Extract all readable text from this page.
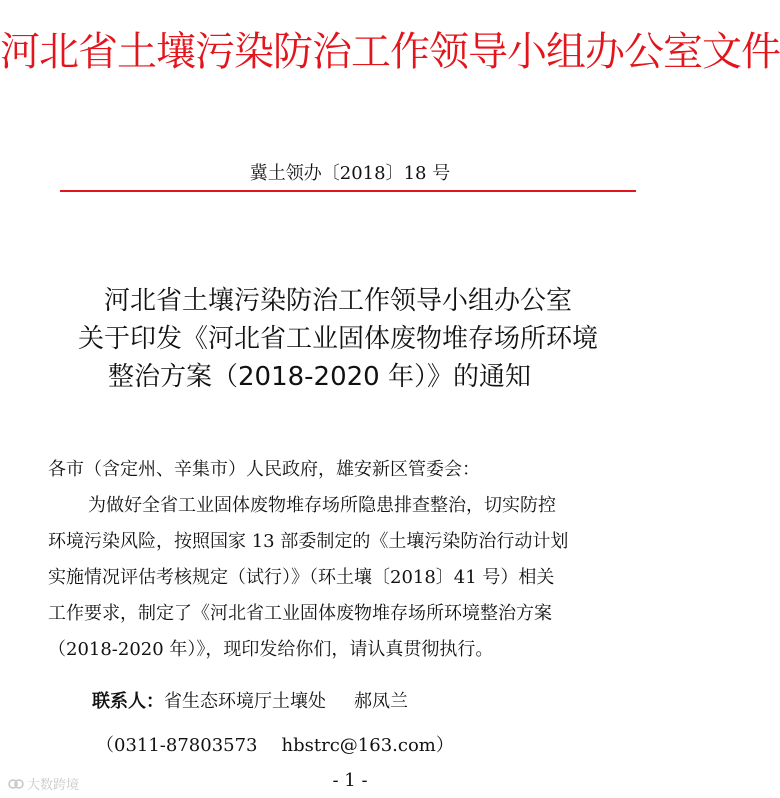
河北省土壤污染防治工作领导小组办公室文件
冀土领办〔2018〕18 号
河北省土壤污染防治工作领导小组办公室
关于印发《河北省工业固体废物堆存场所环境
整治方案（2018-2020 年）》的通知
各市（含定州、辛集市）人民政府，雄安新区管委会：
为做好全省工业固体废物堆存场所隐患排查整治，切实防控
环境污染风险，按照国家 13 部委制定的《土壤污染防治行动计划
实施情况评估考核规定（试行）》（环土壤〔2018〕41 号）相关
工作要求，制定了《河北省工业固体废物堆存场所环境整治方案
（2018-2020 年）》，现印发给你们，请认真贯彻执行。
联系人：省生态环境厅土壤处 郝凤兰
（0311-87803573 hbstrc@163.com）
- 1 -
大数跨境
